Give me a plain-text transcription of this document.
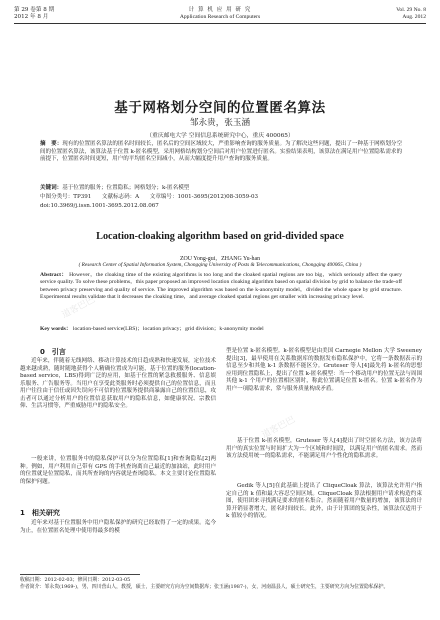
第 29 卷第 8 期
2012 年 8 月
计 算 机 应 用 研 究
Application Research of Computers
Vol. 29 No. 8
Aug. 2012
基于网格划分空间的位置匿名算法
邹永贵，张玉涵
（重庆邮电大学 空间信息系统研究中心，重庆 400065）
摘　要：现有的位置匿名算法的匿名时间较长，匿名后的空间区域较大，严重影响查询的服务质量。为了解决这些问题，提出了一种基于网格划分空间的位置匿名算法，该算法基于位置 k-匿名模型，采用网格结构划分空间后对用户位置进行匿名。实验结果表明，该算法在满足用户位置隐私需求的前提下，位置匿名时间更短，用户的平均匿名空间减小，从而大幅度提升用户查询的服务质量。
关键词：基于位置的服务；位置隐私；网格划分；k-匿名模型
中图分类号：TP391 文献标志码：A 文章编号：1001-3695(2012)08-3059-03
doi:10.3969/j.issn.1001-3695.2012.08.067
Location-cloaking algorithm based on grid-divided space
ZOU Yong-gui，ZHANG Yu-han
( Research Center of Spatial Information System, Chongqing University of Posts & Telecommunications, Chongqing 400065, China )
Abstract： However，the cloaking time of the existing algorithms is too long and the cloaked spatial regions are too big，which seriously affect the query service quality. To solve these problems，this paper proposed an improved location cloaking algorithm based on spatial division by grid to balance the trade-off between privacy preserving and quality of service. The improved algorithm was based on the k-anonymity model，divided the whole space by grid structure. Experimental results validate that it decreases the cloaking time，and average cloaked spatial regions get smaller with increasing privacy level.
Key words： location-based service(LBS)；location privacy；grid division；k-anonymity model
0　引言
近年来，伴随着无线网络、移动计算技术的日趋成熟和快速发展，定位技术越来越成熟，随时随地获得个人精确位置成为可能，基于位置的服务(location-based service，LBS)得到广泛的应用，如基于位置的紧急救援服务、信息娱乐服务、广告服务等。当用户在享受此类服务时必须提供自己的位置信息，而且用户往往由于信任或因失误向不可信的位置服务提供商暴露自己的位置信息，攻击者可以通过分析用户的位置信息获取用户的隐私信息，如健康状况、宗教信仰、生活习惯等，严重威胁用户的隐私安全。
一般来讲，位置服务中的隐私保护可以分为位置隐私[1]和查询隐私[2]两种。例如，用户利用自己带有 GPS 的手机查询离自己最近的加油站，此时用户的位置就是位置隐私，而其所查询的内容就是查询隐私。本文主要讨论位置隐私的保护问题。
1　相关研究
近年来对基于位置服务中用户隐私保护的研究已经取得了一定的成果。迄今为止，在位置匿名处理中使用得最多的模
型是位置 k-匿名模型。k-匿名模型是由美国 Carnegie Mellon 大学 Sweeney 提出[3]，最早使用在关系数据库的数据发布隐私保护中，它将一条数据表示的信息至少和其他 k-1 条数据不能区分。Gruteser 等人[4]最先将 k-匿名的思想应用到位置隐私上，提出了位置 k-匿名模型：当一个移动用户的位置无法与周围其他 k-1 个用户的位置相区别时，称此位置满足位置 k-匿名。位置 k-匿名作为用户一项隐私需求，常与服务质量构成矛盾。
基于位置 k-匿名模型，Gruteser 等人[4]提出了时空匿名方法，该方法将用户的真实位置与时间扩大为一个区域和时间段，以满足用户的匿名需求。然而该方法使用统一的隐私需求，不能满足用户个性化的隐私需求。
Gedik 等人[5]在此基础上提出了 CliqueCloak 算法，该算法允许用户指定自己的 k 值和最大容忍空间区域。CliqueCloak 算法根据用户请求构造约束图，使用团来寻找满足要求的匿名集合。然而随着用户数量的增加，该算法的计算开销显著增大，匿名时间较长。此外，由于计算团的复杂性，该算法仅适用于 k 值较小的情况。
收稿日期：2012-02-03；修回日期：2012-03-05
作者简介：邹永贵(1969-)，男，四川营山人，教授，硕士，主要研究方向为空间数据库；张玉涵(1987-)，女，河南温县人，硕士研究生，主要研究方向为位置隐私保护。
道客巴巴
道客巴巴
